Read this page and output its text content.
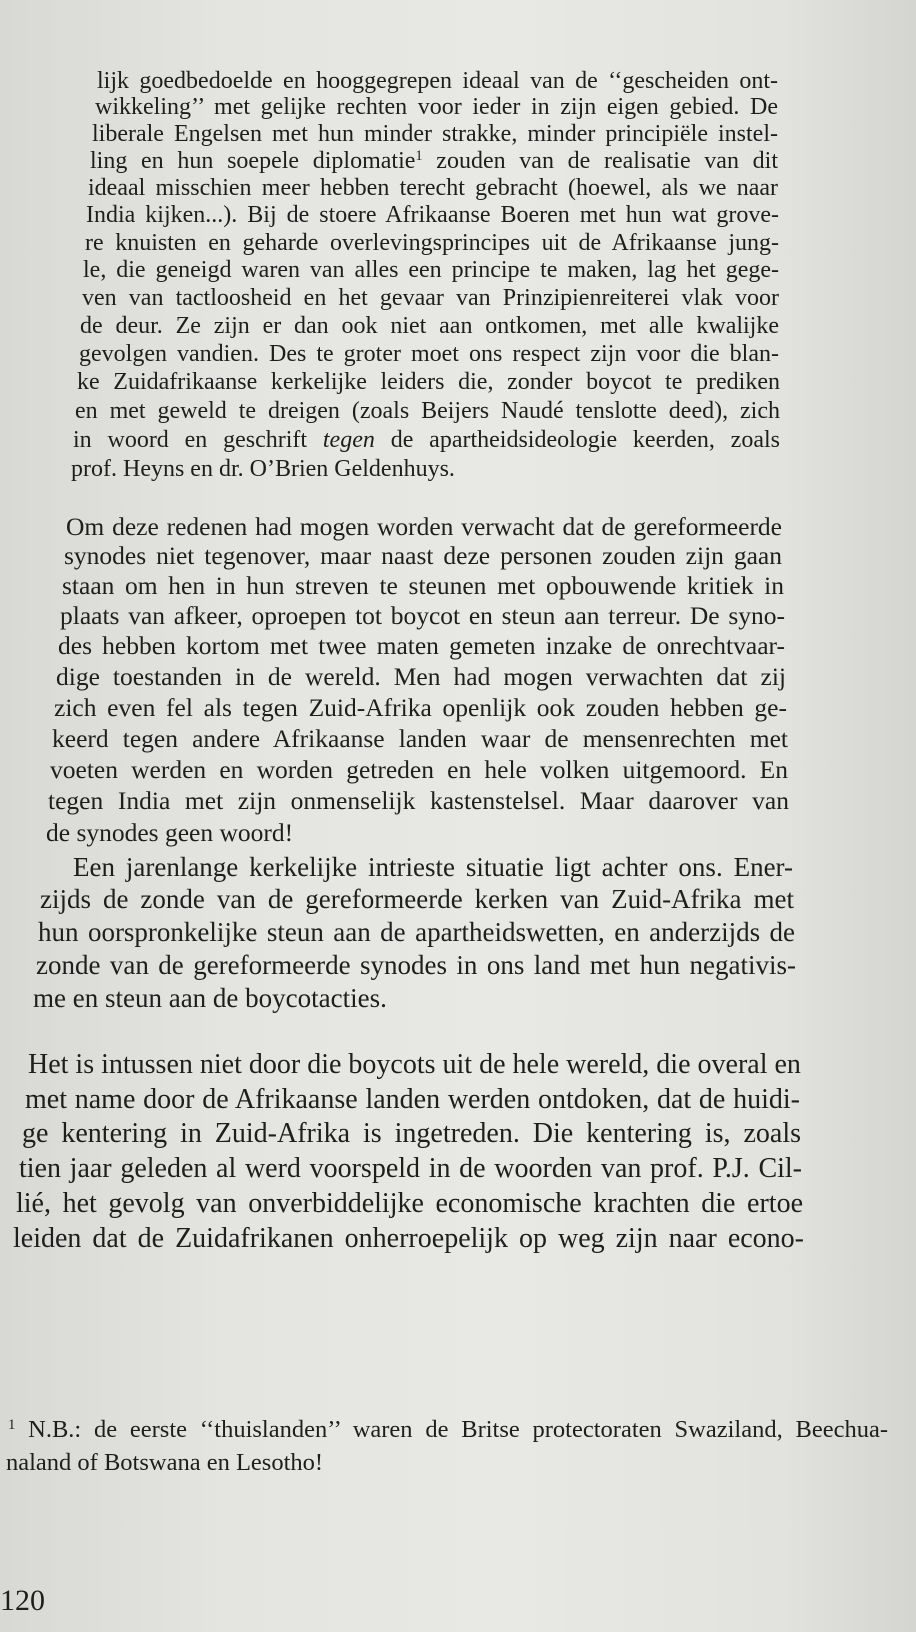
lijk goedbedoelde en hooggegrepen ideaal van de ‘‘gescheiden ont-
wikkeling’’ met gelijke rechten voor ieder in zijn eigen gebied. De
liberale Engelsen met hun minder strakke, minder principiële instel-
ling en hun soepele diplomatie$^1$ zouden van de realisatie van dit
ideaal misschien meer hebben terecht gebracht (hoewel, als we naar
India kijken...). Bij de stoere Afrikaanse Boeren met hun wat grove-
re knuisten en geharde overlevingsprincipes uit de Afrikaanse jung-
le, die geneigd waren van alles een principe te maken, lag het gege-
ven van tactloosheid en het gevaar van Prinzipienreiterei vlak voor
de deur. Ze zijn er dan ook niet aan ontkomen, met alle kwalijke
gevolgen vandien. Des te groter moet ons respect zijn voor die blan-
ke Zuidafrikaanse kerkelijke leiders die, zonder boycot te prediken
en met geweld te dreigen (zoals Beijers Naudé tenslotte deed), zich
in woord en geschrift tegen de apartheidsideologie keerden, zoals
prof. Heyns en dr. O’Brien Geldenhuys.
Om deze redenen had mogen worden verwacht dat de gereformeerde
synodes niet tegenover, maar naast deze personen zouden zijn gaan
staan om hen in hun streven te steunen met opbouwende kritiek in
plaats van afkeer, oproepen tot boycot en steun aan terreur. De syno-
des hebben kortom met twee maten gemeten inzake de onrechtvaar-
dige toestanden in de wereld. Men had mogen verwachten dat zij
zich even fel als tegen Zuid-Afrika openlijk ook zouden hebben ge-
keerd tegen andere Afrikaanse landen waar de mensenrechten met
voeten werden en worden getreden en hele volken uitgemoord. En
tegen India met zijn onmenselijk kastenstelsel. Maar daarover van
de synodes geen woord!
Een jarenlange kerkelijke intrieste situatie ligt achter ons. Ener-
zijds de zonde van de gereformeerde kerken van Zuid-Afrika met
hun oorspronkelijke steun aan de apartheidswetten, en anderzijds de
zonde van de gereformeerde synodes in ons land met hun negativis-
me en steun aan de boycotacties.
Het is intussen niet door die boycots uit de hele wereld, die overal en
met name door de Afrikaanse landen werden ontdoken, dat de huidi-
ge kentering in Zuid-Afrika is ingetreden. Die kentering is, zoals
tien jaar geleden al werd voorspeld in de woorden van prof. P.J. Cil-
lié, het gevolg van onverbiddelijke economische krachten die ertoe
leiden dat de Zuidafrikanen onherroepelijk op weg zijn naar econo-
$^1$ N.B.: de eerste ‘‘thuislanden’’ waren de Britse protectoraten Swaziland, Beechua-
naland of Botswana en Lesotho!
120
